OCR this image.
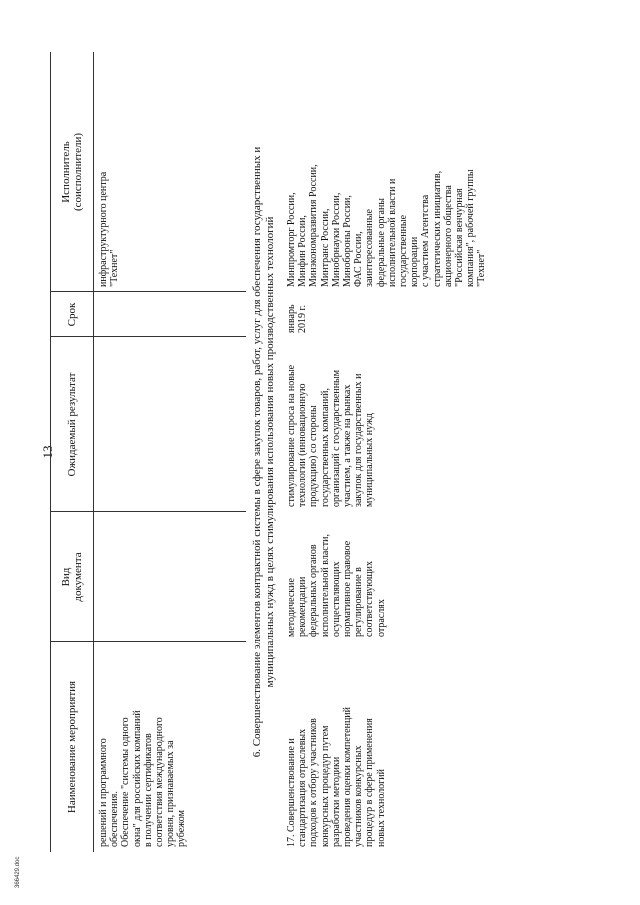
13
366429.doc
Наименование мероприятия
Вид
документа
Ожидаемый результат
Срок
Исполнитель
(соисполнители)
решений и программного
обеспечения.
Обеспечение "системы одного
окна" для российских компаний
в получении сертификатов
соответствия международного
уровня, признаваемых за
рубежом
инфраструктурного центра
"Технет"
6. Совершенствование элементов контрактной системы в сфере закупок товаров, работ, услуг для обеспечения государственных и
муниципальных нужд в целях стимулирования использования новых производственных технологий
17. Совершенствование и
стандартизация отраслевых
подходов к отбору участников
конкурсных процедур путем
разработки методики
проведения оценки компетенций
участников конкурсных
процедур в сфере применения
новых технологий
методические
рекомендации
федеральных органов
исполнительной власти,
осуществляющих
нормативное правовое
регулирование в
соответствующих
отраслях
стимулирование спроса на новые
технологии (инновационную
продукцию) со стороны
государственных компаний,
организаций с государственным
участием, а также на рынках
закупок для государственных и
муниципальных нужд
январь
2019 г.
Минпромторг России,
Минфин России,
Минэкономразвития России,
Минтранс России,
Минобрнауки России,
Минобороны России,
ФАС России,
заинтересованные
федеральные органы
исполнительной власти и
государственные
корпорации
с участием Агентства
стратегических инициатив,
акционерного общества
"Российская венчурная
компания", рабочей группы
"Технет"
